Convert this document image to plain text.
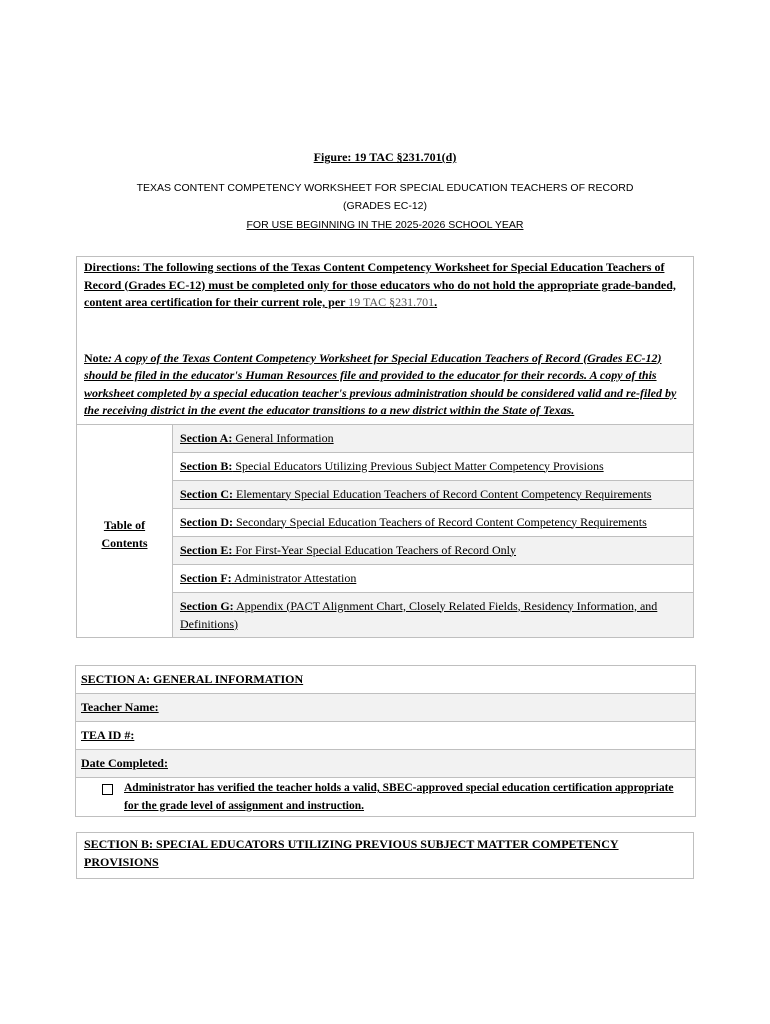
Figure: 19 TAC §231.701(d)
TEXAS CONTENT COMPETENCY WORKSHEET FOR SPECIAL EDUCATION TEACHERS OF RECORD
(GRADES EC-12)
FOR USE BEGINNING IN THE 2025-2026 SCHOOL YEAR

Directions: The following sections of the Texas Content Competency Worksheet for Special Education Teachers of Record (Grades EC-12) must be completed only for those educators who do not hold the appropriate grade-banded, content area certification for their current role, per 19 TAC §231.701.

Note: A copy of the Texas Content Competency Worksheet for Special Education Teachers of Record (Grades EC-12) should be filed in the educator's Human Resources file and provided to the educator for their records. A copy of this worksheet completed by a special education teacher's previous administration should be considered valid and re-filed by the receiving district in the event the educator transitions to a new district within the State of Texas.

Table of
Contents
Section A: General Information
Section B: Special Educators Utilizing Previous Subject Matter Competency Provisions
Section C: Elementary Special Education Teachers of Record Content Competency Requirements
Section D: Secondary Special Education Teachers of Record Content Competency Requirements
Section E: For First-Year Special Education Teachers of Record Only
Section F: Administrator Attestation
Section G: Appendix (PACT Alignment Chart, Closely Related Fields, Residency Information, and Definitions)
SECTION A: GENERAL INFORMATION
Teacher Name:
TEA ID #:
Date Completed:
Administrator has verified the teacher holds a valid, SBEC-approved special education certification appropriate for the grade level of assignment and instruction.
SECTION B: SPECIAL EDUCATORS UTILIZING PREVIOUS SUBJECT MATTER COMPETENCY PROVISIONS
